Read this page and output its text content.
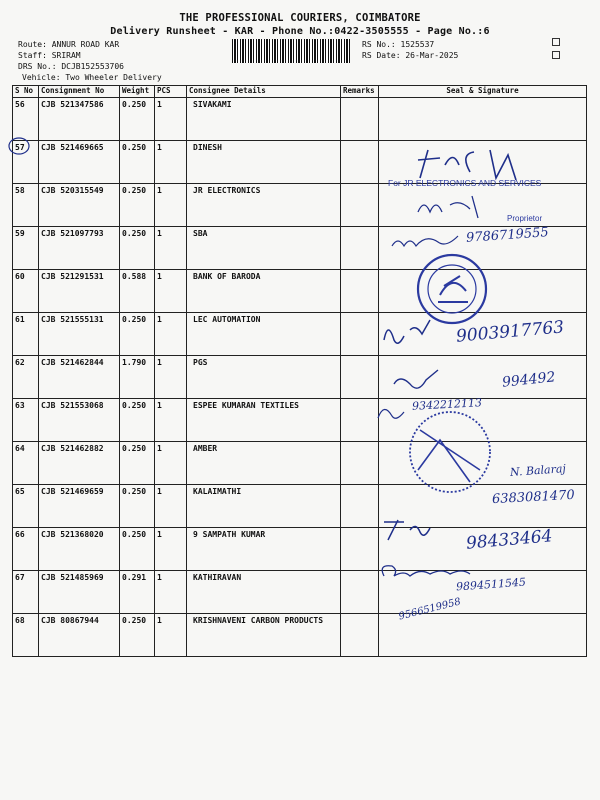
THE PROFESSIONAL COURIERS, COIMBATORE
Delivery Runsheet - KAR - Phone No.:0422-3505555 - Page No.:6
Route: ANNUR ROAD KAR
Staff: SRIRAM
DRS No.: DCJB152553706
Vehicle: Two Wheeler Delivery
RS No.: 1525537
RS Date: 26-Mar-2025
S No	Consignment No	Weight	PCS	Consignee Details	Remarks	Seal & Signature
56	CJB 521347586	0.250	1	SIVAKAMI		
57	CJB 521469665	0.250	1	DINESH		
58	CJB 520315549	0.250	1	JR ELECTRONICS		
59	CJB 521097793	0.250	1	SBA		
60	CJB 521291531	0.588	1	BANK OF BARODA		
61	CJB 521555131	0.250	1	LEC AUTOMATION		
62	CJB 521462844	1.790	1	PGS		
63	CJB 521553068	0.250	1	ESPEE KUMARAN TEXTILES		
64	CJB 521462882	0.250	1	AMBER		
65	CJB 521469659	0.250	1	KALAIMATHI		
66	CJB 521368020	0.250	1	9 SAMPATH KUMAR		
67	CJB 521485969	0.291	1	KATHIRAVAN		
68	CJB 80867944	0.250	1	KRISHNAVENI CARBON PRODUCTS		
For JR ELECTRONICS AND SERVICES
Proprietor
9786719555
9003917763
994492
9342212113
N. Balaraj
6383081470
98433464
9894511545
9566519958
